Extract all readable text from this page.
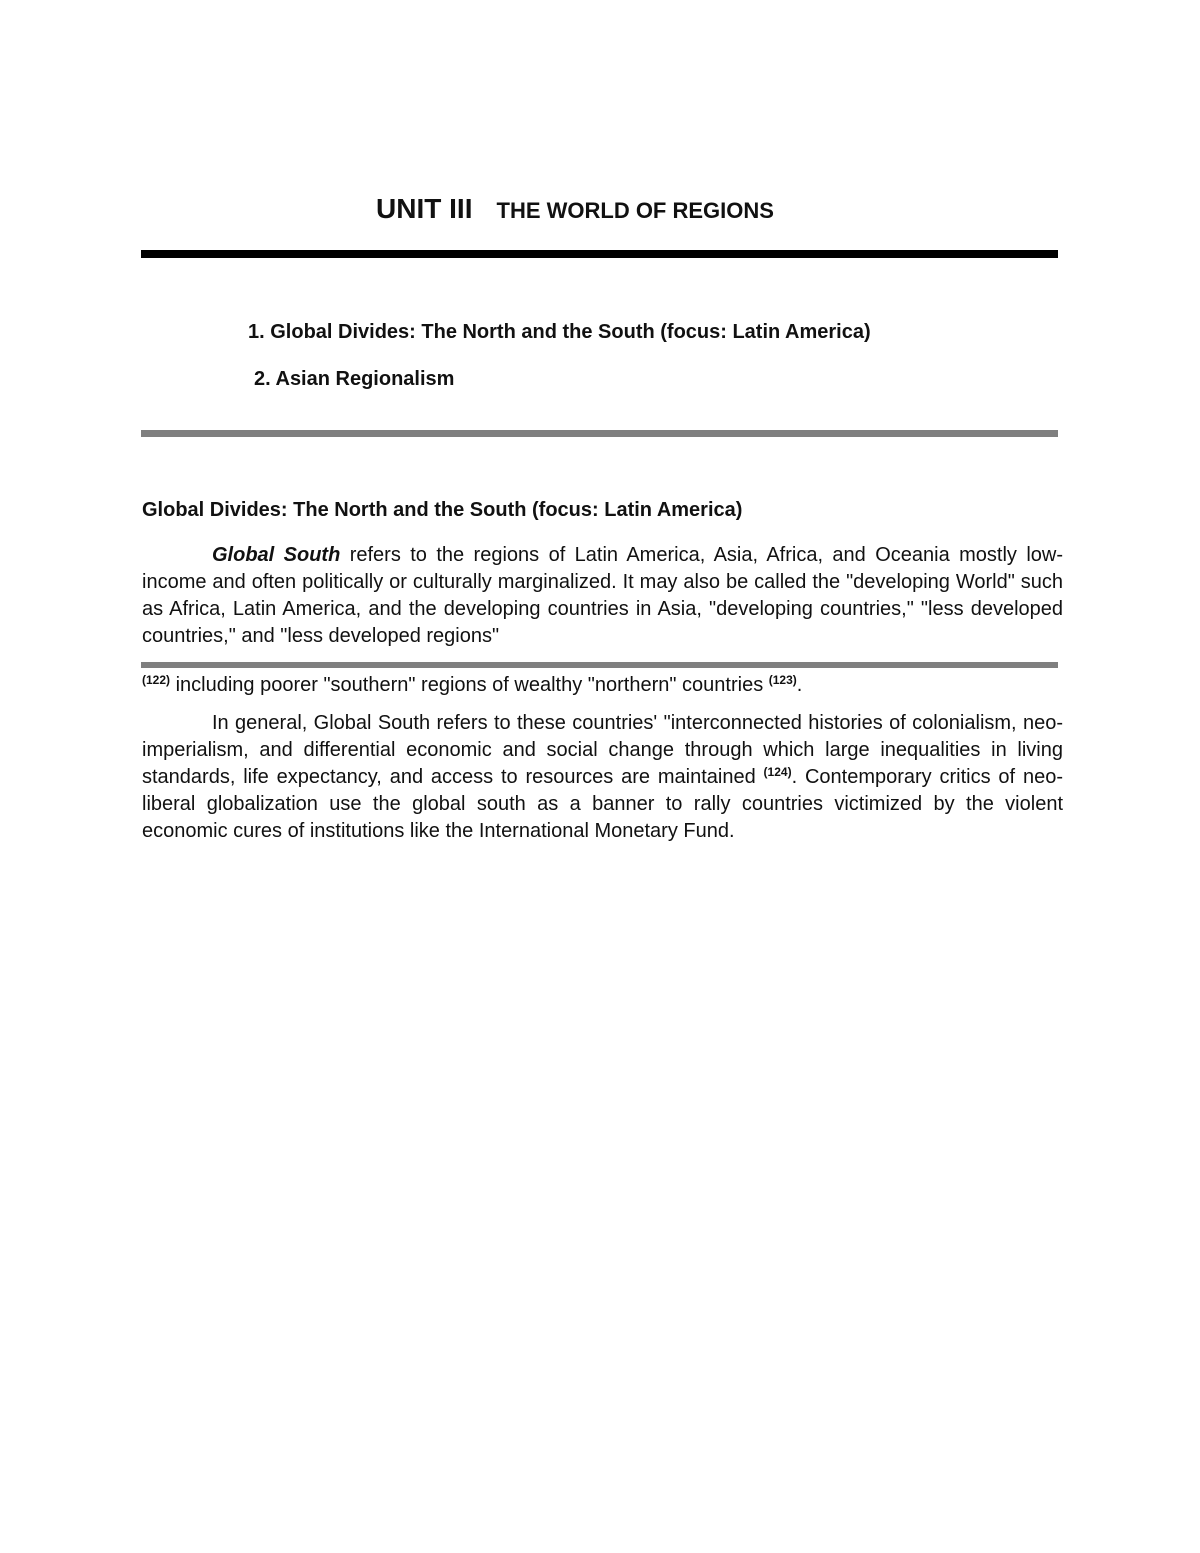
UNIT III THE WORLD OF REGIONS
1. Global Divides: The North and the South (focus: Latin America)
2. Asian Regionalism
Global Divides: The North and the South (focus: Latin America)

Global South refers to the regions of Latin America, Asia, Africa, and Oceania mostly low- income and often politically or culturally marginalized. It may also be called the "developing World" such as Africa, Latin America, and the developing countries in Asia, "developing countries," "less developed countries," and "less developed regions"

$^{(122)}$ including poorer "southern" regions of wealthy "northern" countries $^{(123)}$.

In general, Global South refers to these countries' "interconnected histories of colonialism, neo-imperialism, and differential economic and social change through which large inequalities in living standards, life expectancy, and access to resources are maintained $^{(124)}$. Contemporary critics of neo-liberal globalization use the global south as a banner to rally countries victimized by the violent economic cures of institutions like the International Monetary Fund.
